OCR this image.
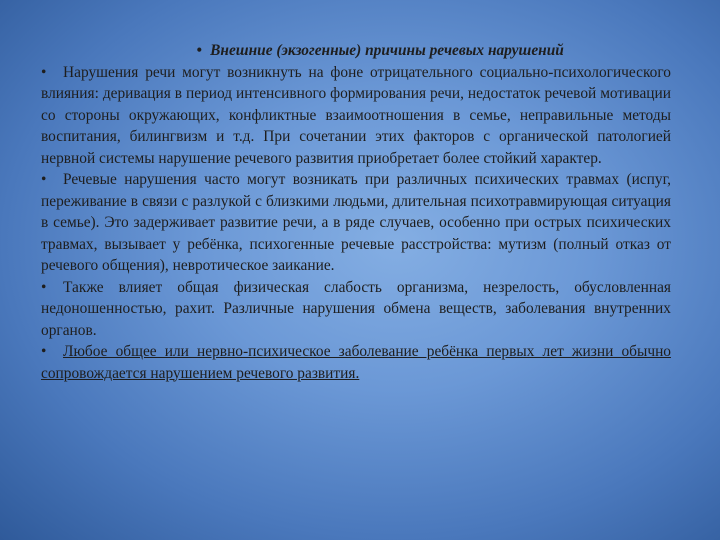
• Внешние (экзогенные) причины речевых нарушений

• Нарушения речи могут возникнуть на фоне отрицательного социально-психологического влияния: деривация в период интенсивного формирования речи, недостаток речевой мотивации со стороны окружающих, конфликтные взаимоотношения в семье, неправильные методы воспитания, билингвизм и т.д. При сочетании этих факторов с органической патологией нервной системы нарушение речевого развития приобретает более стойкий характер.

• Речевые нарушения часто могут возникать при различных психических травмах (испуг, переживание в связи с разлукой с близкими людьми, длительная психотравмирующая ситуация в семье). Это задерживает развитие речи, а в ряде случаев, особенно при острых психических травмах, вызывает у ребёнка, психогенные речевые расстройства: мутизм (полный отказ от речевого общения), невротическое заикание.

• Также влияет общая физическая слабость организма, незрелость, обусловленная недоношенностью, рахит. Различные нарушения обмена веществ, заболевания внутренних органов.

• Любое общее или нервно-психическое заболевание ребёнка первых лет жизни обычно сопровождается нарушением речевого развития.
